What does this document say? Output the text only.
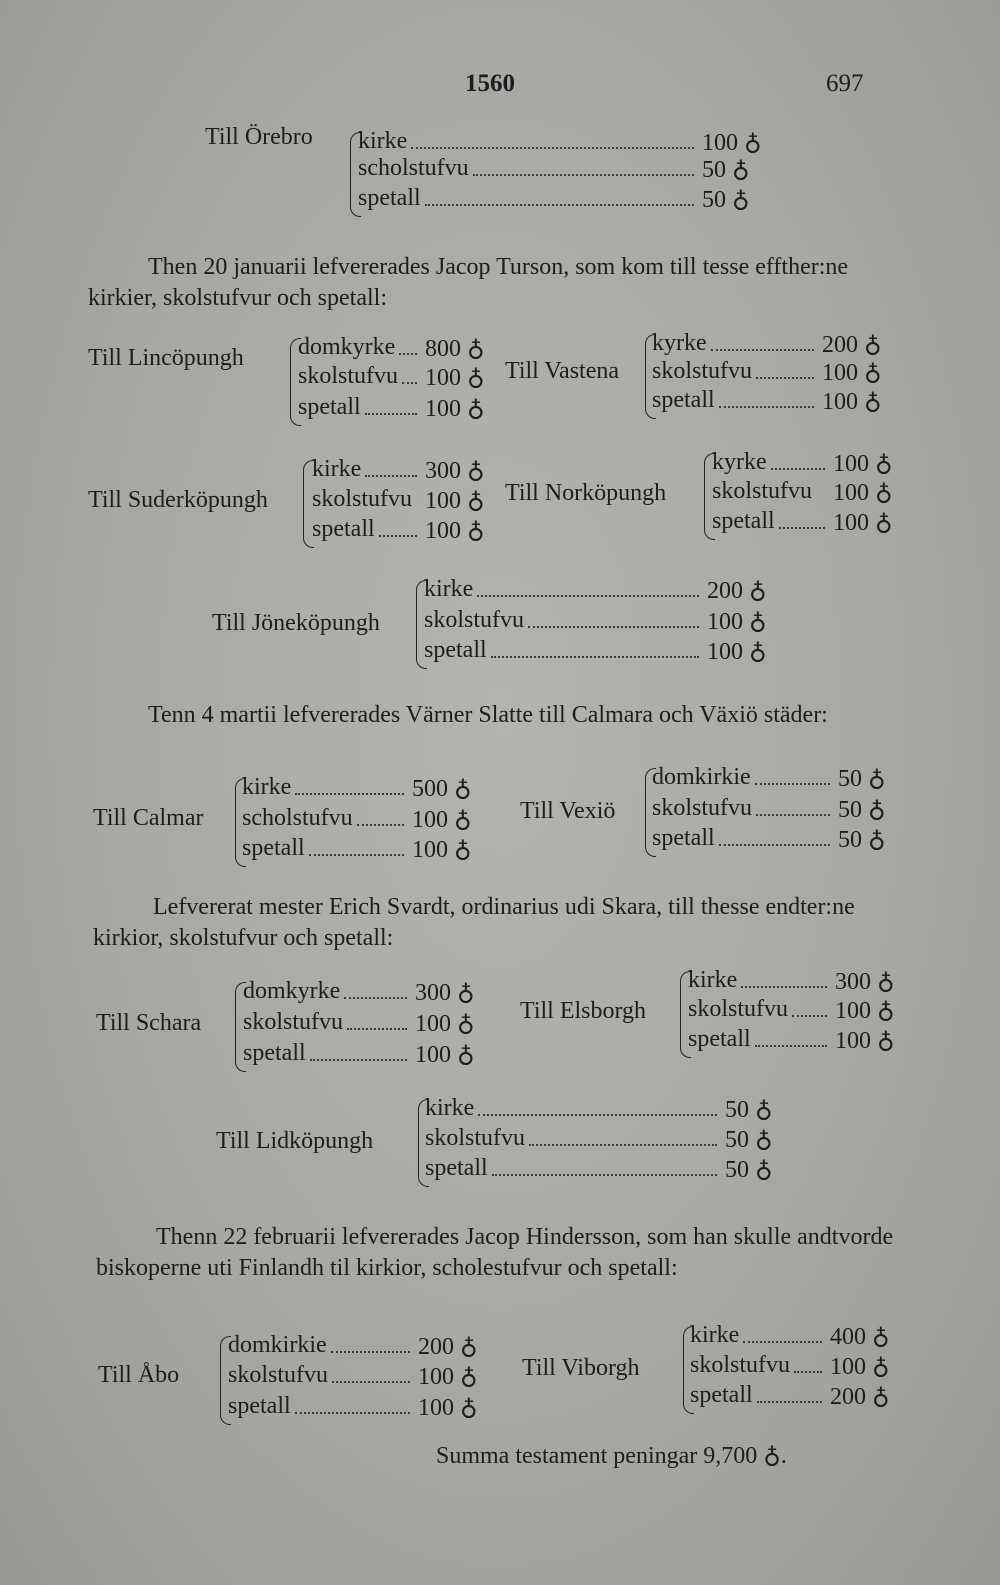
1560	697
Till Örebro kirke	100 ♁
scholstufvu	50 ♁
spetall	50 ♁

Then 20 januarii lefvererades Jacop Turson, som kom till tesse effther:ne kirkier, skolstufvur och spetall:

Till Lincöpungh domkyrke 800 ♁
skolstufvu 100 ♁
spetall	100 ♁
Till Vastena
kyrke	200 ♁
skolstufvu	100 ♁
spetall	100 ♁
Till Suderköpungh
kirke	300 ♁
skolstufvu 100 ♁
spetall 100 ♁
Till Norköpungh
kyrke	100 ♁
skolstufvu 100 ♁
spetall 100 ♁
Till Jöneköpungh
kirke	200 ♁
skolstufvu	100 ♁
spetall	100 ♁

Tenn 4 martii lefvererades Värner Slatte till Calmara och Växiö städer:

Till Calmar
kirke	500 ♁
scholstufvu 100 ♁
spetall	100 ♁
Till Vexiö
domkirkie	50 ♁
skolstufvu	50 ♁
spetall	50 ♁

Lefvererat mester Erich Svardt, ordinarius udi Skara, till thesse endter:ne kirkior, skolstufvur och spetall:

Till Schara
domkyrke	300 ♁
skolstufvu	100 ♁
spetall	100 ♁
Till Elsborgh
kirke	300 ♁
skolstufvu 100 ♁
spetall	100 ♁
Till Lidköpungh
kirke	50 ♁
skolstufvu	50 ♁
spetall	50 ♁

Thenn 22 februarii lefvererades Jacop Hindersson, som han skulle andtvorde biskoperne uti Finlandh til kirkior, scholestufvur och spetall:

Till Åbo
domkirkie	200 ♁
skolstufvu	100 ♁
spetall	100 ♁
Till Viborgh
kirke	400 ♁
skolstufvu 100 ♁
spetall	200 ♁
Summa testament peningar 9,700 ♁.
